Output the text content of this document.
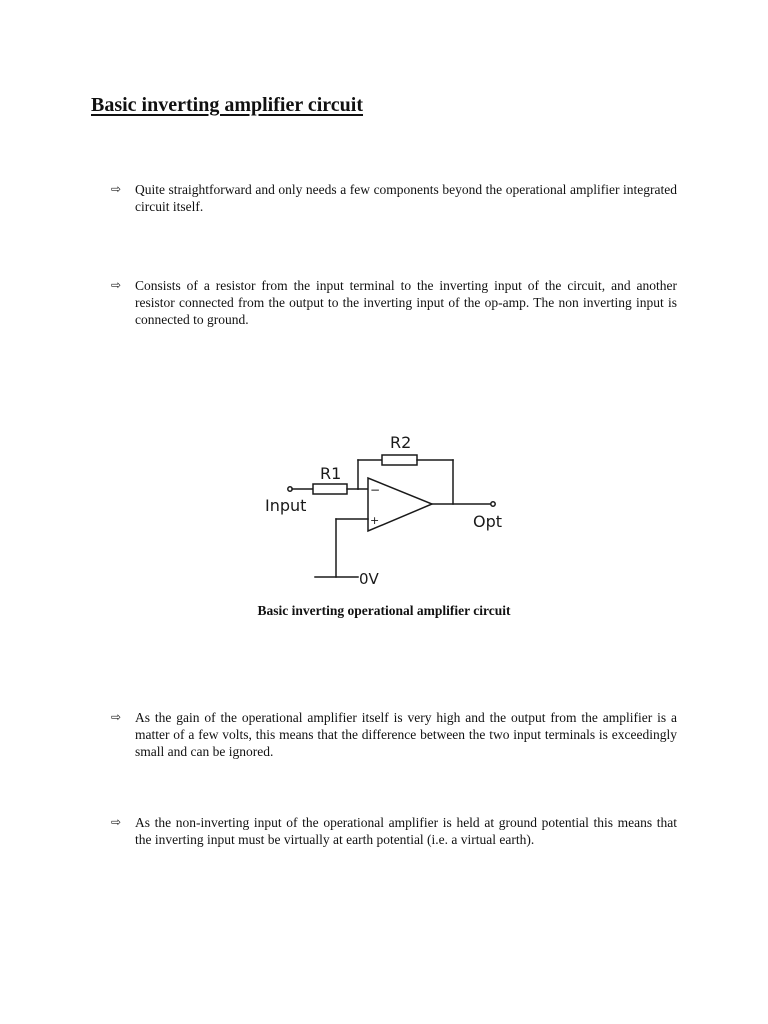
Basic inverting amplifier circuit
⇨	Quite straightforward and only needs a few components beyond the operational amplifier integrated circuit itself.
⇨	Consists of a resistor from the input terminal to the inverting input of the circuit, and another resistor connected from the output to the inverting input of the op-amp. The non inverting input is connected to ground.
R2
R1
Input
Opt
0V
−
+

Basic inverting operational amplifier circuit

⇨	As the gain of the operational amplifier itself is very high and the output from the amplifier is a matter of a few volts, this means that the difference between the two input terminals is exceedingly small and can be ignored.
⇨	As the non-inverting input of the operational amplifier is held at ground potential this means that the inverting input must be virtually at earth potential (i.e. a virtual earth).
